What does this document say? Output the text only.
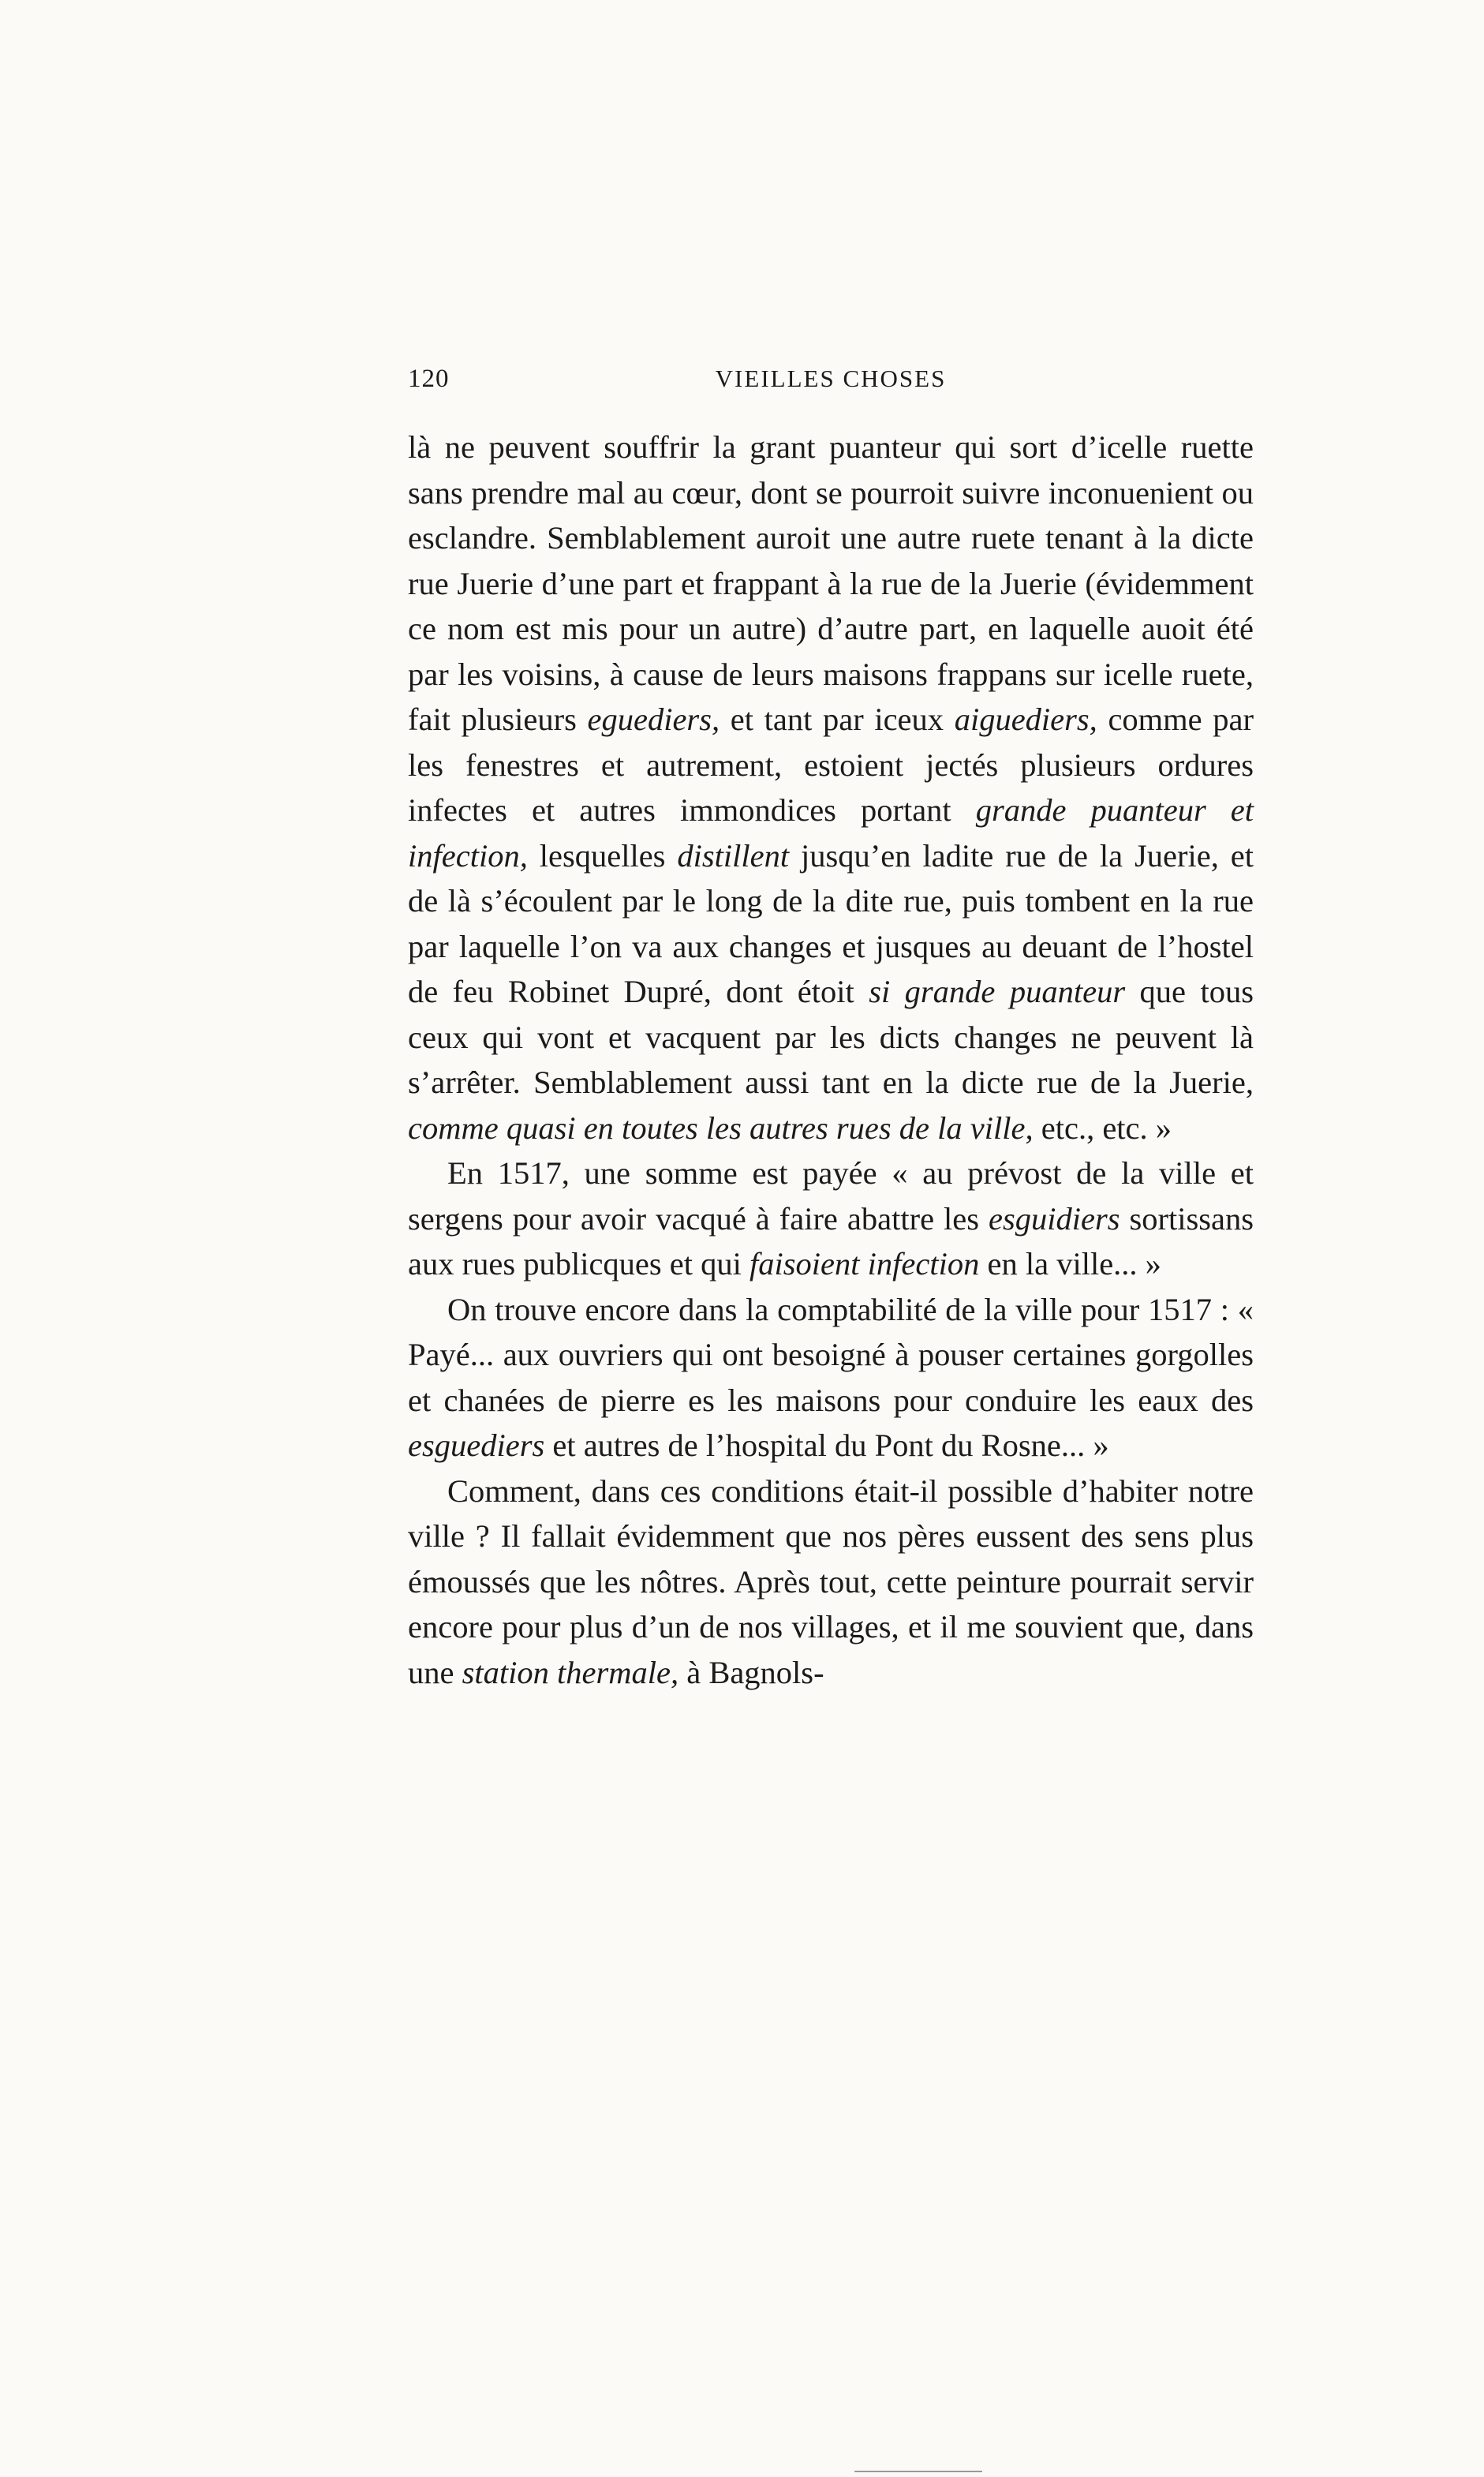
120	VIEILLES CHOSES

là ne peuvent souffrir la grant puanteur qui sort d’icelle ruette sans prendre mal au cœur, dont se pourroit suivre inconuenient ou esclandre. Semblablement auroit une autre ruete tenant à la dicte rue Juerie d’une part et frappant à la rue de la Juerie (évidemment ce nom est mis pour un autre) d’autre part, en laquelle auoit été par les voisins, à cause de leurs maisons frappans sur icelle ruete, fait plusieurs eguediers, et tant par iceux aiguediers, comme par les fenestres et autrement, estoient jectés plusieurs ordures infectes et autres immondices portant grande puanteur et infection, lesquelles distillent jusqu’en ladite rue de la Juerie, et de là s’écoulent par le long de la dite rue, puis tombent en la rue par laquelle l’on va aux changes et jusques au deuant de l’hostel de feu Robinet Dupré, dont étoit si grande puanteur que tous ceux qui vont et vacquent par les dicts changes ne peuvent là s’arrêter. Semblablement aussi tant en la dicte rue de la Juerie, comme quasi en toutes les autres rues de la ville, etc., etc. »

En 1517, une somme est payée « au prévost de la ville et sergens pour avoir vacqué à faire abattre les esguidiers sortissans aux rues publicques et qui faisoient infection en la ville... »

On trouve encore dans la comptabilité de la ville pour 1517 : « Payé... aux ouvriers qui ont besoigné à pouser certaines gorgolles et chanées de pierre es les maisons pour conduire les eaux des esguediers et autres de l’hospital du Pont du Rosne... »

Comment, dans ces conditions était-il possible d’habiter notre ville ? Il fallait évidemment que nos pères eussent des sens plus émoussés que les nôtres. Après tout, cette peinture pourrait servir encore pour plus d’un de nos villages, et il me souvient que, dans une station thermale, à Bagnols-
